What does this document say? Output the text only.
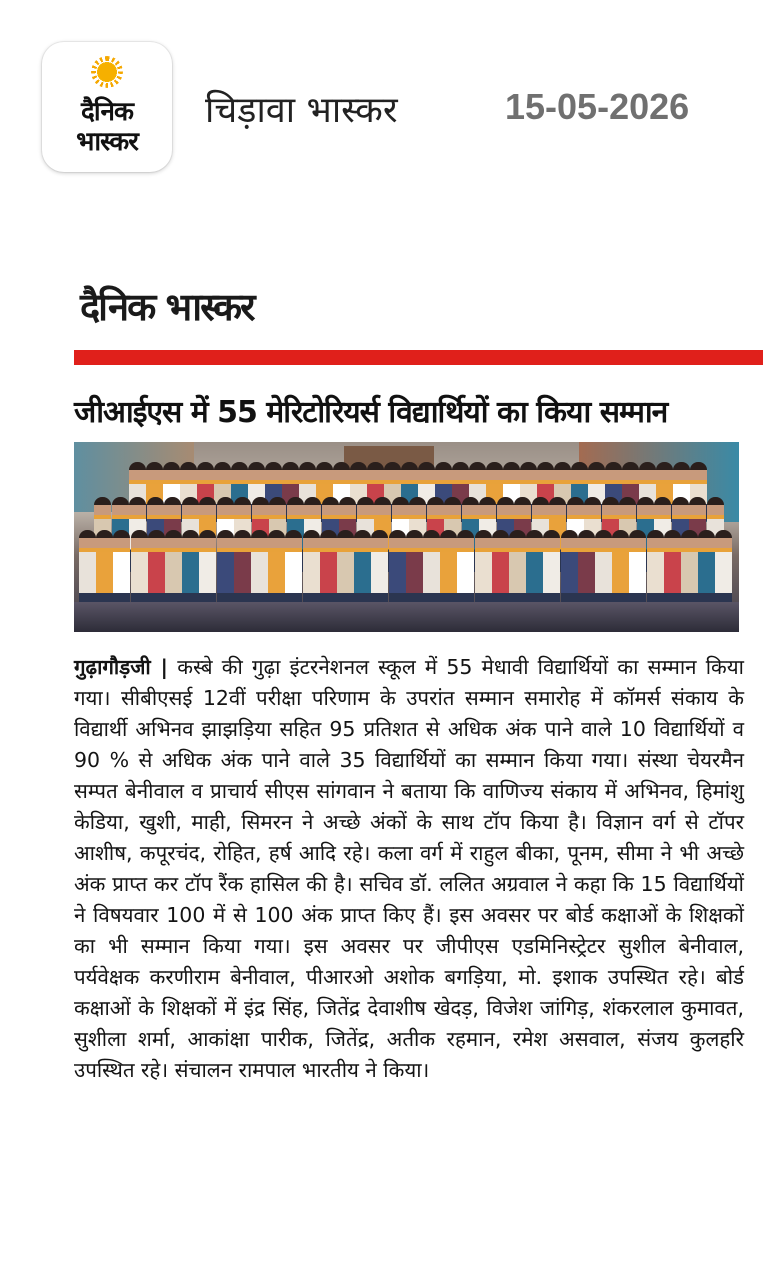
दैनिक
भास्कर
चिड़ावा भास्कर	15-05-2026
दैनिक भास्कर
जीआईएस में 55 मेरिटोरियर्स विद्यार्थियों का किया सम्मान
गुढ़ागौड़जी | कस्बे की गुढ़ा इंटरनेशनल स्कूल में 55 मेधावी विद्यार्थियों का सम्मान किया गया। सीबीएसई 12वीं परीक्षा परिणाम के उपरांत सम्मान समारोह में कॉमर्स संकाय के विद्यार्थी अभिनव झाझड़िया सहित 95 प्रतिशत से अधिक अंक पाने वाले 10 विद्यार्थियों व 90 % से अधिक अंक पाने वाले 35 विद्यार्थियों का सम्मान किया गया। संस्था चेयरमैन सम्पत बेनीवाल व प्राचार्य सीएस सांगवान ने बताया कि वाणिज्य संकाय में अभिनव, हिमांशु केडिया, खुशी, माही, सिमरन ने अच्छे अंकों के साथ टॉप किया है। विज्ञान वर्ग से टॉपर आशीष, कपूरचंद, रोहित, हर्ष आदि रहे। कला वर्ग में राहुल बीका, पूनम, सीमा ने भी अच्छे अंक प्राप्त कर टॉप रैंक हासिल की है। सचिव डॉ. ललित अग्रवाल ने कहा कि 15 विद्यार्थियों ने विषयवार 100 में से 100 अंक प्राप्त किए हैं। इस अवसर पर बोर्ड कक्षाओं के शिक्षकों का भी सम्मान किया गया। इस अवसर पर जीपीएस एडमिनिस्ट्रेटर सुशील बेनीवाल, पर्यवेक्षक करणीराम बेनीवाल, पीआरओ अशोक बगड़िया, मो. इशाक उपस्थित रहे। बोर्ड कक्षाओं के शिक्षकों में इंद्र सिंह, जितेंद्र देवाशीष खेदड़, विजेश जांगिड़, शंकरलाल कुमावत, सुशीला शर्मा, आकांक्षा पारीक, जितेंद्र, अतीक रहमान, रमेश असवाल, संजय कुलहरि उपस्थित रहे। संचालन रामपाल भारतीय ने किया।
